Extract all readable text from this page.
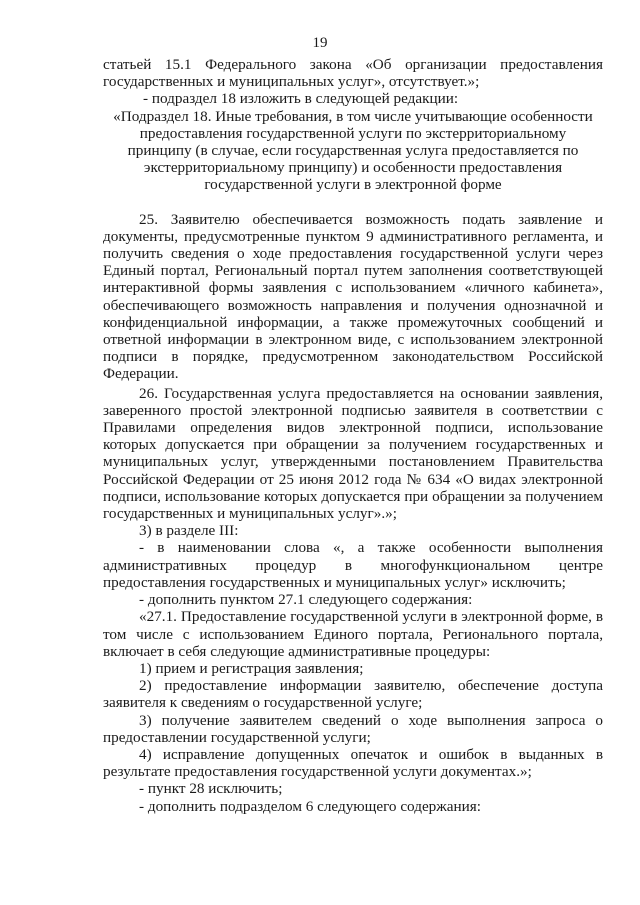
19

статьей 15.1 Федерального закона «Об организации предоставления государственных и муниципальных услуг», отсутствует.»;

- подраздел 18 изложить в следующей редакции:

«Подраздел 18. Иные требования, в том числе учитывающие особенности

предоставления государственной услуги по экстерриториальному принципу (в случае, если государственная услуга предоставляется по экстерриториальному принципу) и особенности предоставления государственной услуги в электронной форме

25. Заявителю обеспечивается возможность подать заявление и документы, предусмотренные пунктом 9 административного регламента, и получить сведения о ходе предоставления государственной услуги через Единый портал, Региональный портал путем заполнения соответствующей интерактивной формы заявления с использованием «личного кабинета», обеспечивающего возможность направления и получения однозначной и конфиденциальной информации, а также промежуточных сообщений и ответной информации в электронном виде, с использованием электронной подписи в порядке, предусмотренном законодательством Российской Федерации.

26. Государственная услуга предоставляется на основании заявления, заверенного простой электронной подписью заявителя в соответствии с Правилами определения видов электронной подписи, использование которых допускается при обращении за получением государственных и муниципальных услуг, утвержденными постановлением Правительства Российской Федерации от 25 июня 2012 года № 634 «О видах электронной подписи, использование которых допускается при обращении за получением государственных и муниципальных услуг».»;

3) в разделе III:

- в наименовании слова «, а также особенности выполнения административных процедур в многофункциональном центре предоставления государственных и муниципальных услуг» исключить;

- дополнить пунктом 27.1 следующего содержания:

«27.1. Предоставление государственной услуги в электронной форме, в том числе с использованием Единого портала, Регионального портала, включает в себя следующие административные процедуры:

1) прием и регистрация заявления;

2) предоставление информации заявителю, обеспечение доступа заявителя к сведениям о государственной услуге;

3) получение заявителем сведений о ходе выполнения запроса о предоставлении государственной услуги;

4) исправление допущенных опечаток и ошибок в выданных в результате предоставления государственной услуги документах.»;

- пункт 28 исключить;

- дополнить подразделом 6 следующего содержания:
